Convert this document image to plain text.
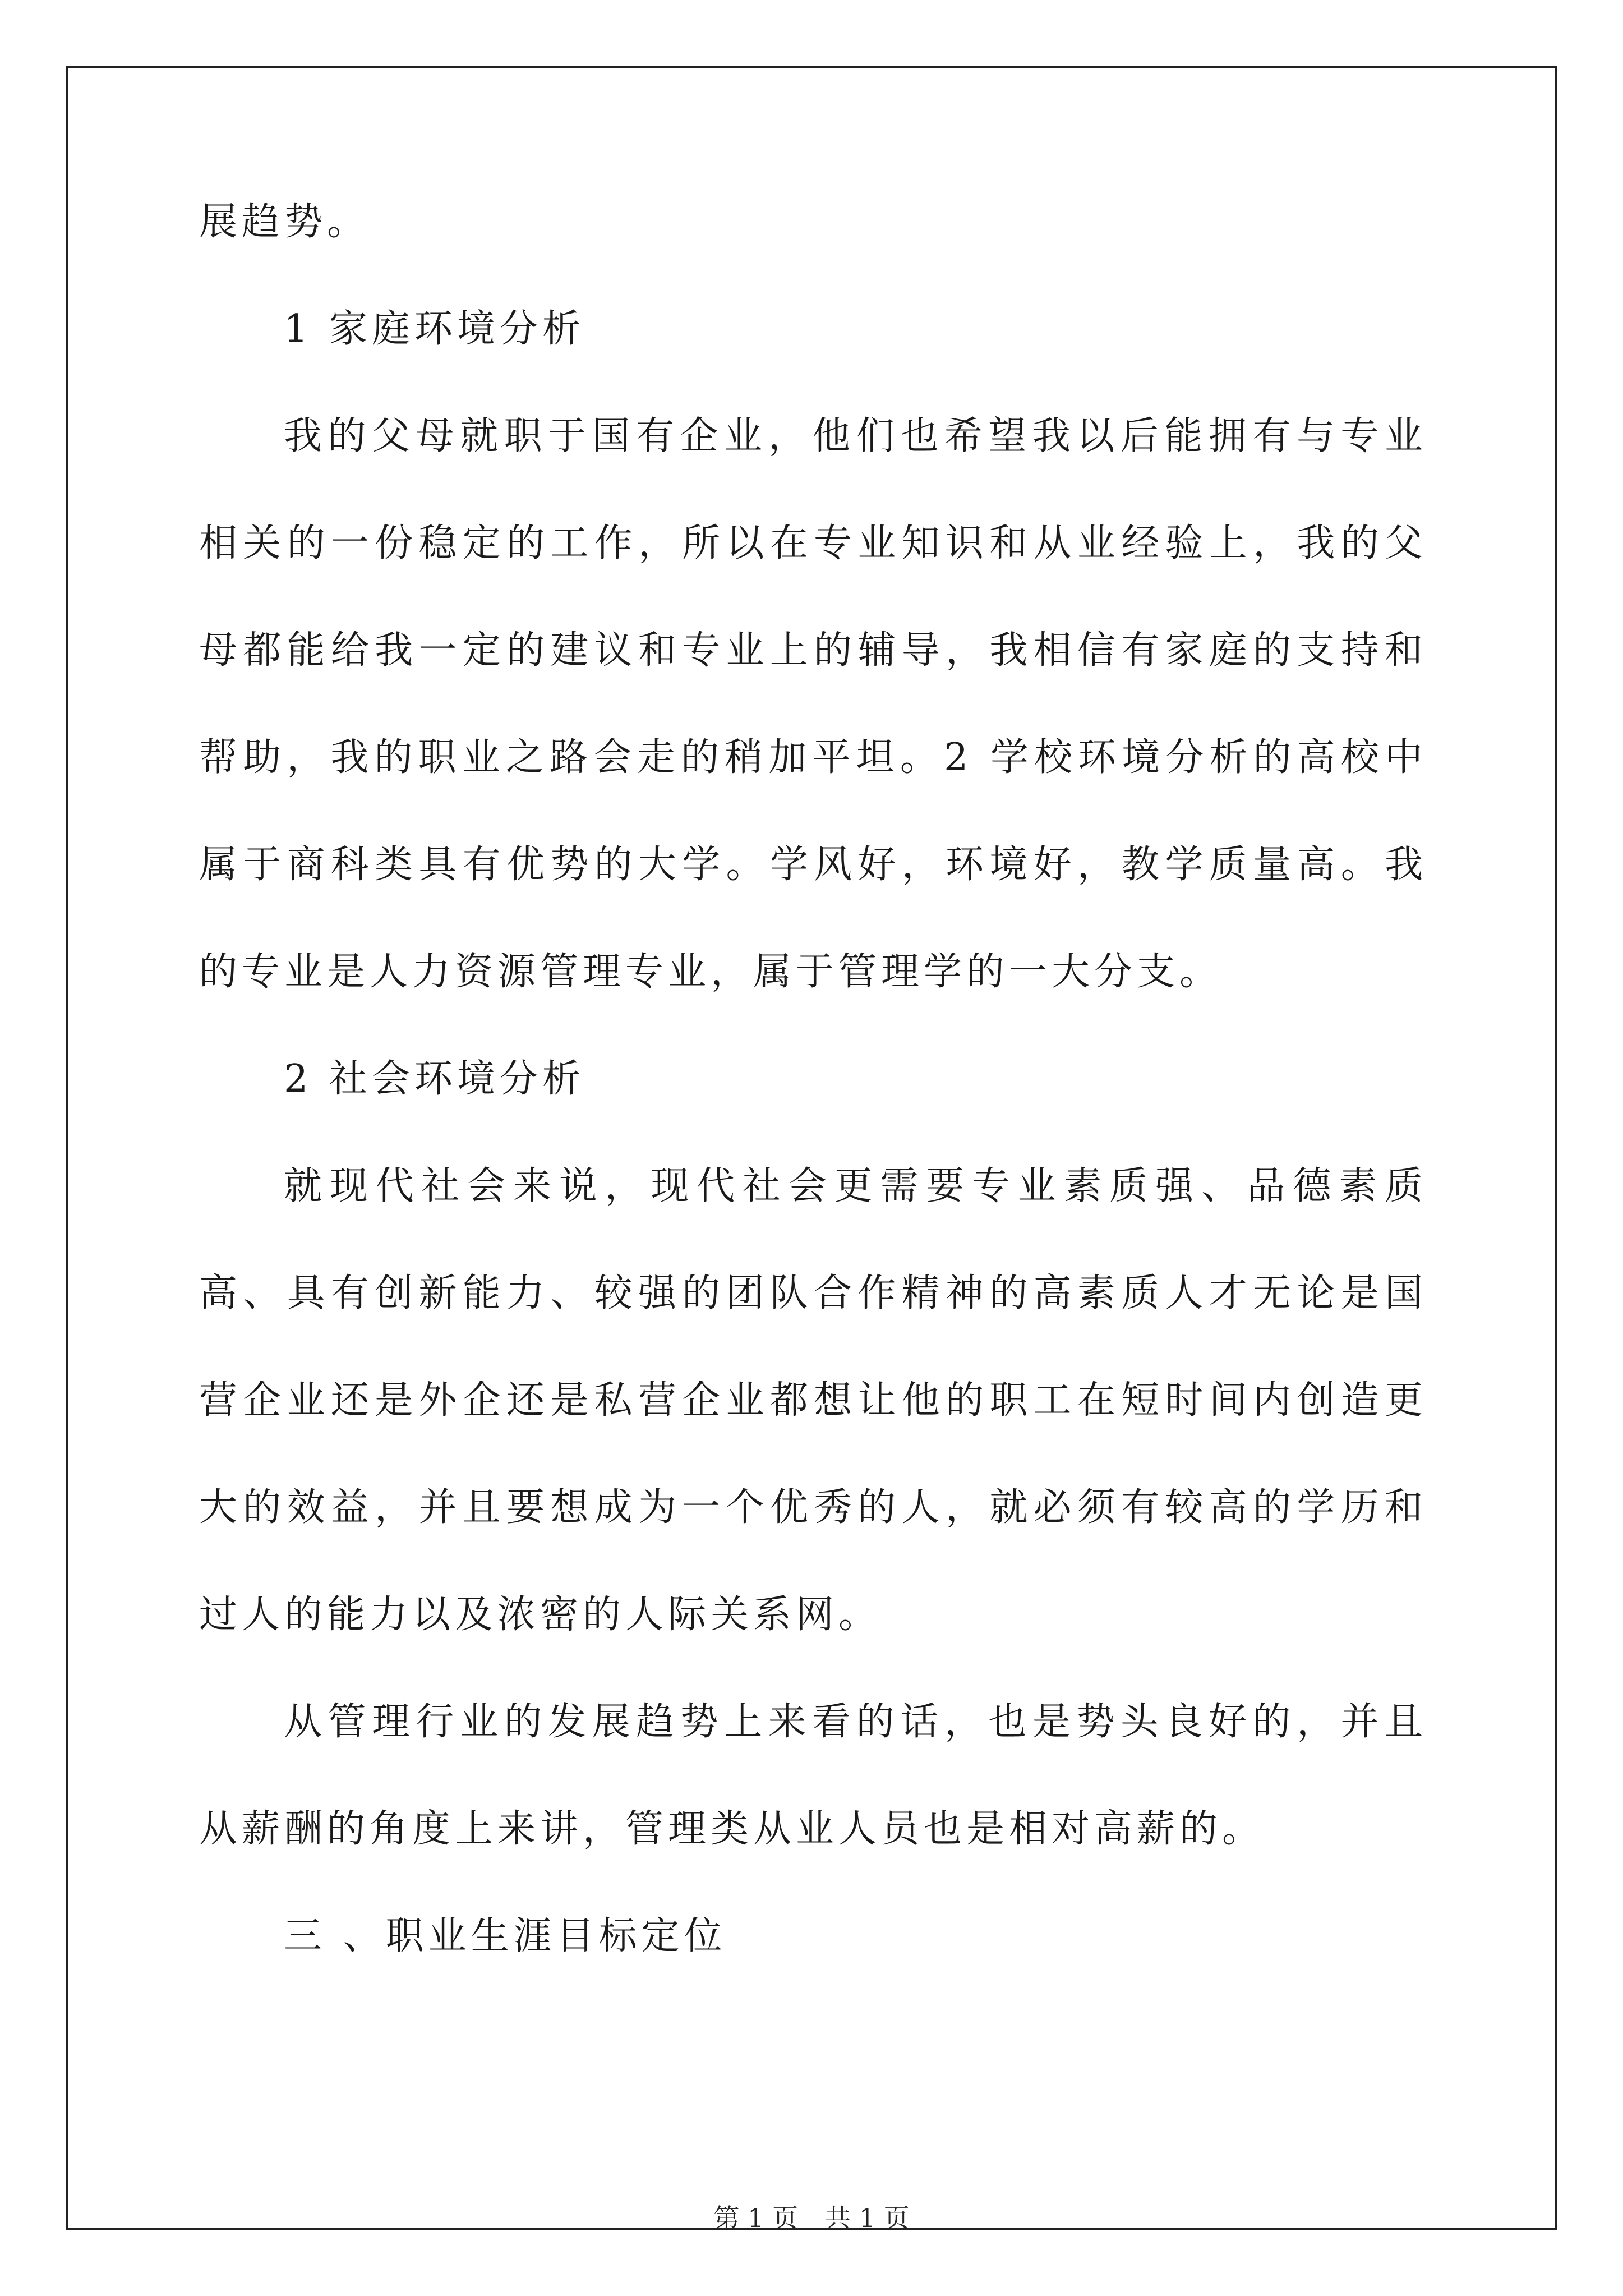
展趋势。

1 家庭环境分析

我的父母就职于国有企业，他们也希望我以后能拥有与专业相关的一份稳定的工作，所以在专业知识和从业经验上，我的父母都能给我一定的建议和专业上的辅导，我相信有家庭的支持和帮助，我的职业之路会走的稍加平坦。2 学校环境分析的高校中属于商科类具有优势的大学。学风好，环境好，教学质量高。我的专业是人力资源管理专业，属于管理学的一大分支。

2 社会环境分析

就现代社会来说，现代社会更需要专业素质强、品德素质高、具有创新能力、较强的团队合作精神的高素质人才无论是国营企业还是外企还是私营企业都想让他的职工在短时间内创造更大的效益，并且要想成为一个优秀的人，就必须有较高的学历和过人的能力以及浓密的人际关系网。

从管理行业的发展趋势上来看的话，也是势头良好的，并且从薪酬的角度上来讲，管理类从业人员也是相对高薪的。

三 、职业生涯目标定位

第 1 页 共 1 页
